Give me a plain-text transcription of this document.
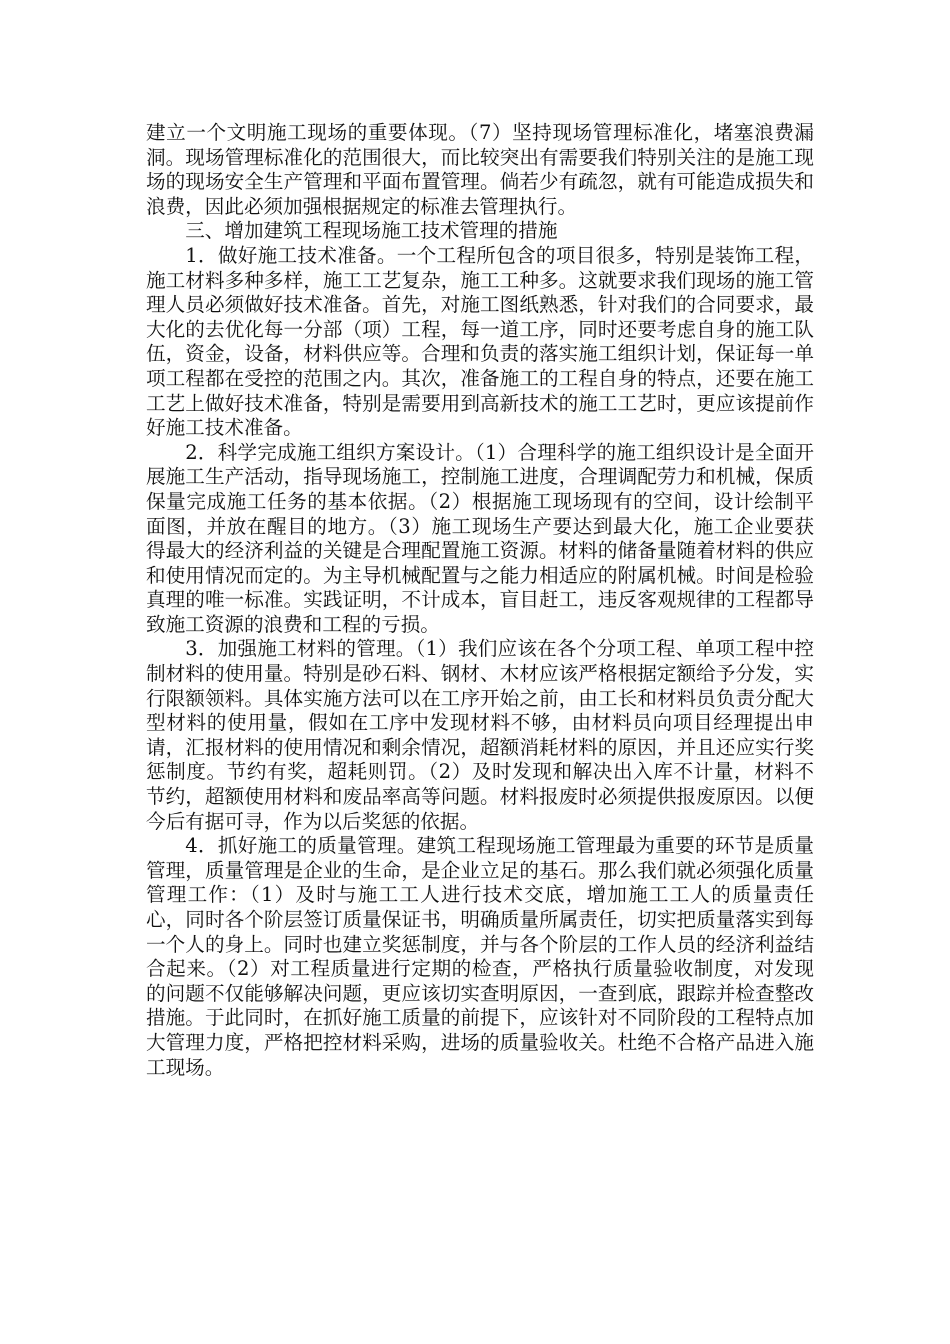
建立一个文明施工现场的重要体现。（7）坚持现场管理标准化，堵塞浪费漏洞。现场管理标准化的范围很大，而比较突出有需要我们特别关注的是施工现场的现场安全生产管理和平面布置管理。倘若少有疏忽，就有可能造成损失和浪费，因此必须加强根据规定的标准去管理执行。

三、增加建筑工程现场施工技术管理的措施

1．做好施工技术准备。一个工程所包含的项目很多，特别是装饰工程，施工材料多种多样，施工工艺复杂，施工工种多。这就要求我们现场的施工管理人员必须做好技术准备。首先，对施工图纸熟悉，针对我们的合同要求，最大化的去优化每一分部（项）工程，每一道工序，同时还要考虑自身的施工队伍，资金，设备，材料供应等。合理和负责的落实施工组织计划，保证每一单项工程都在受控的范围之内。其次，准备施工的工程自身的特点，还要在施工工艺上做好技术准备，特别是需要用到高新技术的施工工艺时，更应该提前作好施工技术准备。

2．科学完成施工组织方案设计。（1）合理科学的施工组织设计是全面开展施工生产活动，指导现场施工，控制施工进度，合理调配劳力和机械，保质保量完成施工任务的基本依据。（2）根据施工现场现有的空间，设计绘制平面图，并放在醒目的地方。（3）施工现场生产要达到最大化，施工企业要获得最大的经济利益的关键是合理配置施工资源。材料的储备量随着材料的供应和使用情况而定的。为主导机械配置与之能力相适应的附属机械。时间是检验真理的唯一标准。实践证明，不计成本，盲目赶工，违反客观规律的工程都导致施工资源的浪费和工程的亏损。

3．加强施工材料的管理。（1）我们应该在各个分项工程、单项工程中控制材料的使用量。特别是砂石料、钢材、木材应该严格根据定额给予分发，实行限额领料。具体实施方法可以在工序开始之前，由工长和材料员负责分配大型材料的使用量，假如在工序中发现材料不够，由材料员向项目经理提出申请，汇报材料的使用情况和剩余情况，超额消耗材料的原因，并且还应实行奖惩制度。节约有奖，超耗则罚。（2）及时发现和解决出入库不计量，材料不节约，超额使用材料和废品率高等问题。材料报废时必须提供报废原因。以便今后有据可寻，作为以后奖惩的依据。

4．抓好施工的质量管理。建筑工程现场施工管理最为重要的环节是质量管理，质量管理是企业的生命，是企业立足的基石。那么我们就必须强化质量管理工作：（1）及时与施工工人进行技术交底，增加施工工人的质量责任心，同时各个阶层签订质量保证书，明确质量所属责任，切实把质量落实到每一个人的身上。同时也建立奖惩制度，并与各个阶层的工作人员的经济利益结合起来。（2）对工程质量进行定期的检查，严格执行质量验收制度，对发现的问题不仅能够解决问题，更应该切实查明原因，一查到底，跟踪并检查整改措施。于此同时，在抓好施工质量的前提下，应该针对不同阶段的工程特点加大管理力度，严格把控材料采购，进场的质量验收关。杜绝不合格产品进入施工现场。
